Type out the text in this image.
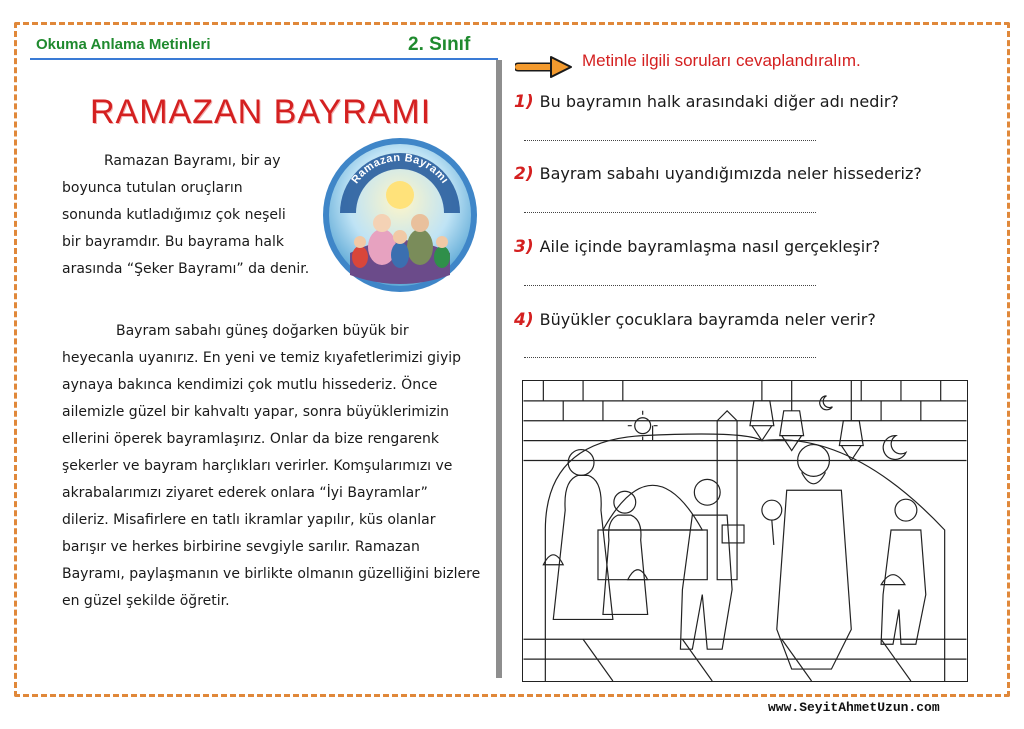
Okuma Anlama Metinleri	2. Sınıf
RAMAZAN BAYRAMI
Ramazan Bayramı
Ramazan Bayramı, bir ay
boyunca tutulan oruçların
sonunda kutladığımız çok neşeli
bir bayramdır. Bu bayrama halk
arasında “Şeker Bayramı” da denir.
Bayram sabahı güneş doğarken büyük bir
heyecanla uyanırız. En yeni ve temiz kıyafetlerimizi giyip
aynaya bakınca kendimizi çok mutlu hissederiz. Önce
ailemizle güzel bir kahvaltı yapar, sonra büyüklerimizin
ellerini öperek bayramlaşırız. Onlar da bize rengarenk
şekerler ve bayram harçlıkları verirler. Komşularımızı ve
akrabalarımızı ziyaret ederek onlara “İyi Bayramlar”
dileriz. Misafirlere en tatlı ikramlar yapılır, küs olanlar
barışır ve herkes birbirine sevgiyle sarılır. Ramazan
Bayramı, paylaşmanın ve birlikte olmanın güzelliğini bizlere
en güzel şekilde öğretir.
Metinle ilgili soruları cevaplandıralım.
1) Bu bayramın halk arasındaki diğer adı nedir?
2) Bayram sabahı uyandığımızda neler hissederiz?
3) Aile içinde bayramlaşma nasıl gerçekleşir?
4) Büyükler çocuklara bayramda neler verir?
www.SeyitAhmetUzun.com
